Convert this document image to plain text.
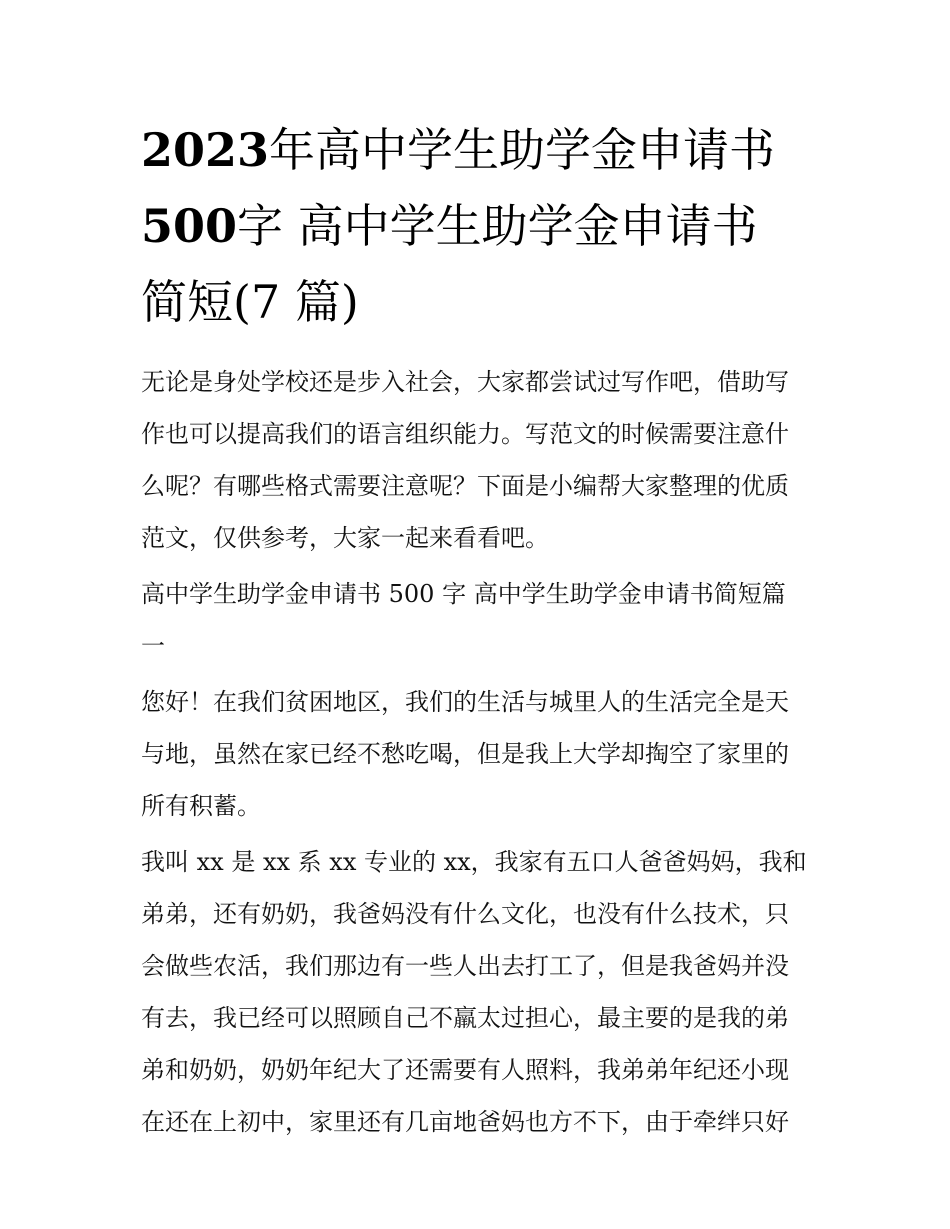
2023年高中学生助学金申请书
500字 高中学生助学金申请书
简短(7 篇)

无论是身处学校还是步入社会，大家都尝试过写作吧，借助写
作也可以提高我们的语言组织能力。写范文的时候需要注意什
么呢？有哪些格式需要注意呢？下面是小编帮大家整理的优质
范文，仅供参考，大家一起来看看吧。

高中学生助学金申请书 500 字 高中学生助学金申请书简短篇
一

您好！在我们贫困地区，我们的生活与城里人的生活完全是天
与地，虽然在家已经不愁吃喝，但是我上大学却掏空了家里的
所有积蓄。

我叫 xx 是 xx 系 xx 专业的 xx，我家有五口人爸爸妈妈，我和
弟弟，还有奶奶，我爸妈没有什么文化，也没有什么技术，只
会做些农活，我们那边有一些人出去打工了，但是我爸妈并没
有去，我已经可以照顾自己不羸太过担心，最主要的是我的弟
弟和奶奶，奶奶年纪大了还需要有人照料，我弟弟年纪还小现
在还在上初中，家里还有几亩地爸妈也方不下，由于牵绊只好
